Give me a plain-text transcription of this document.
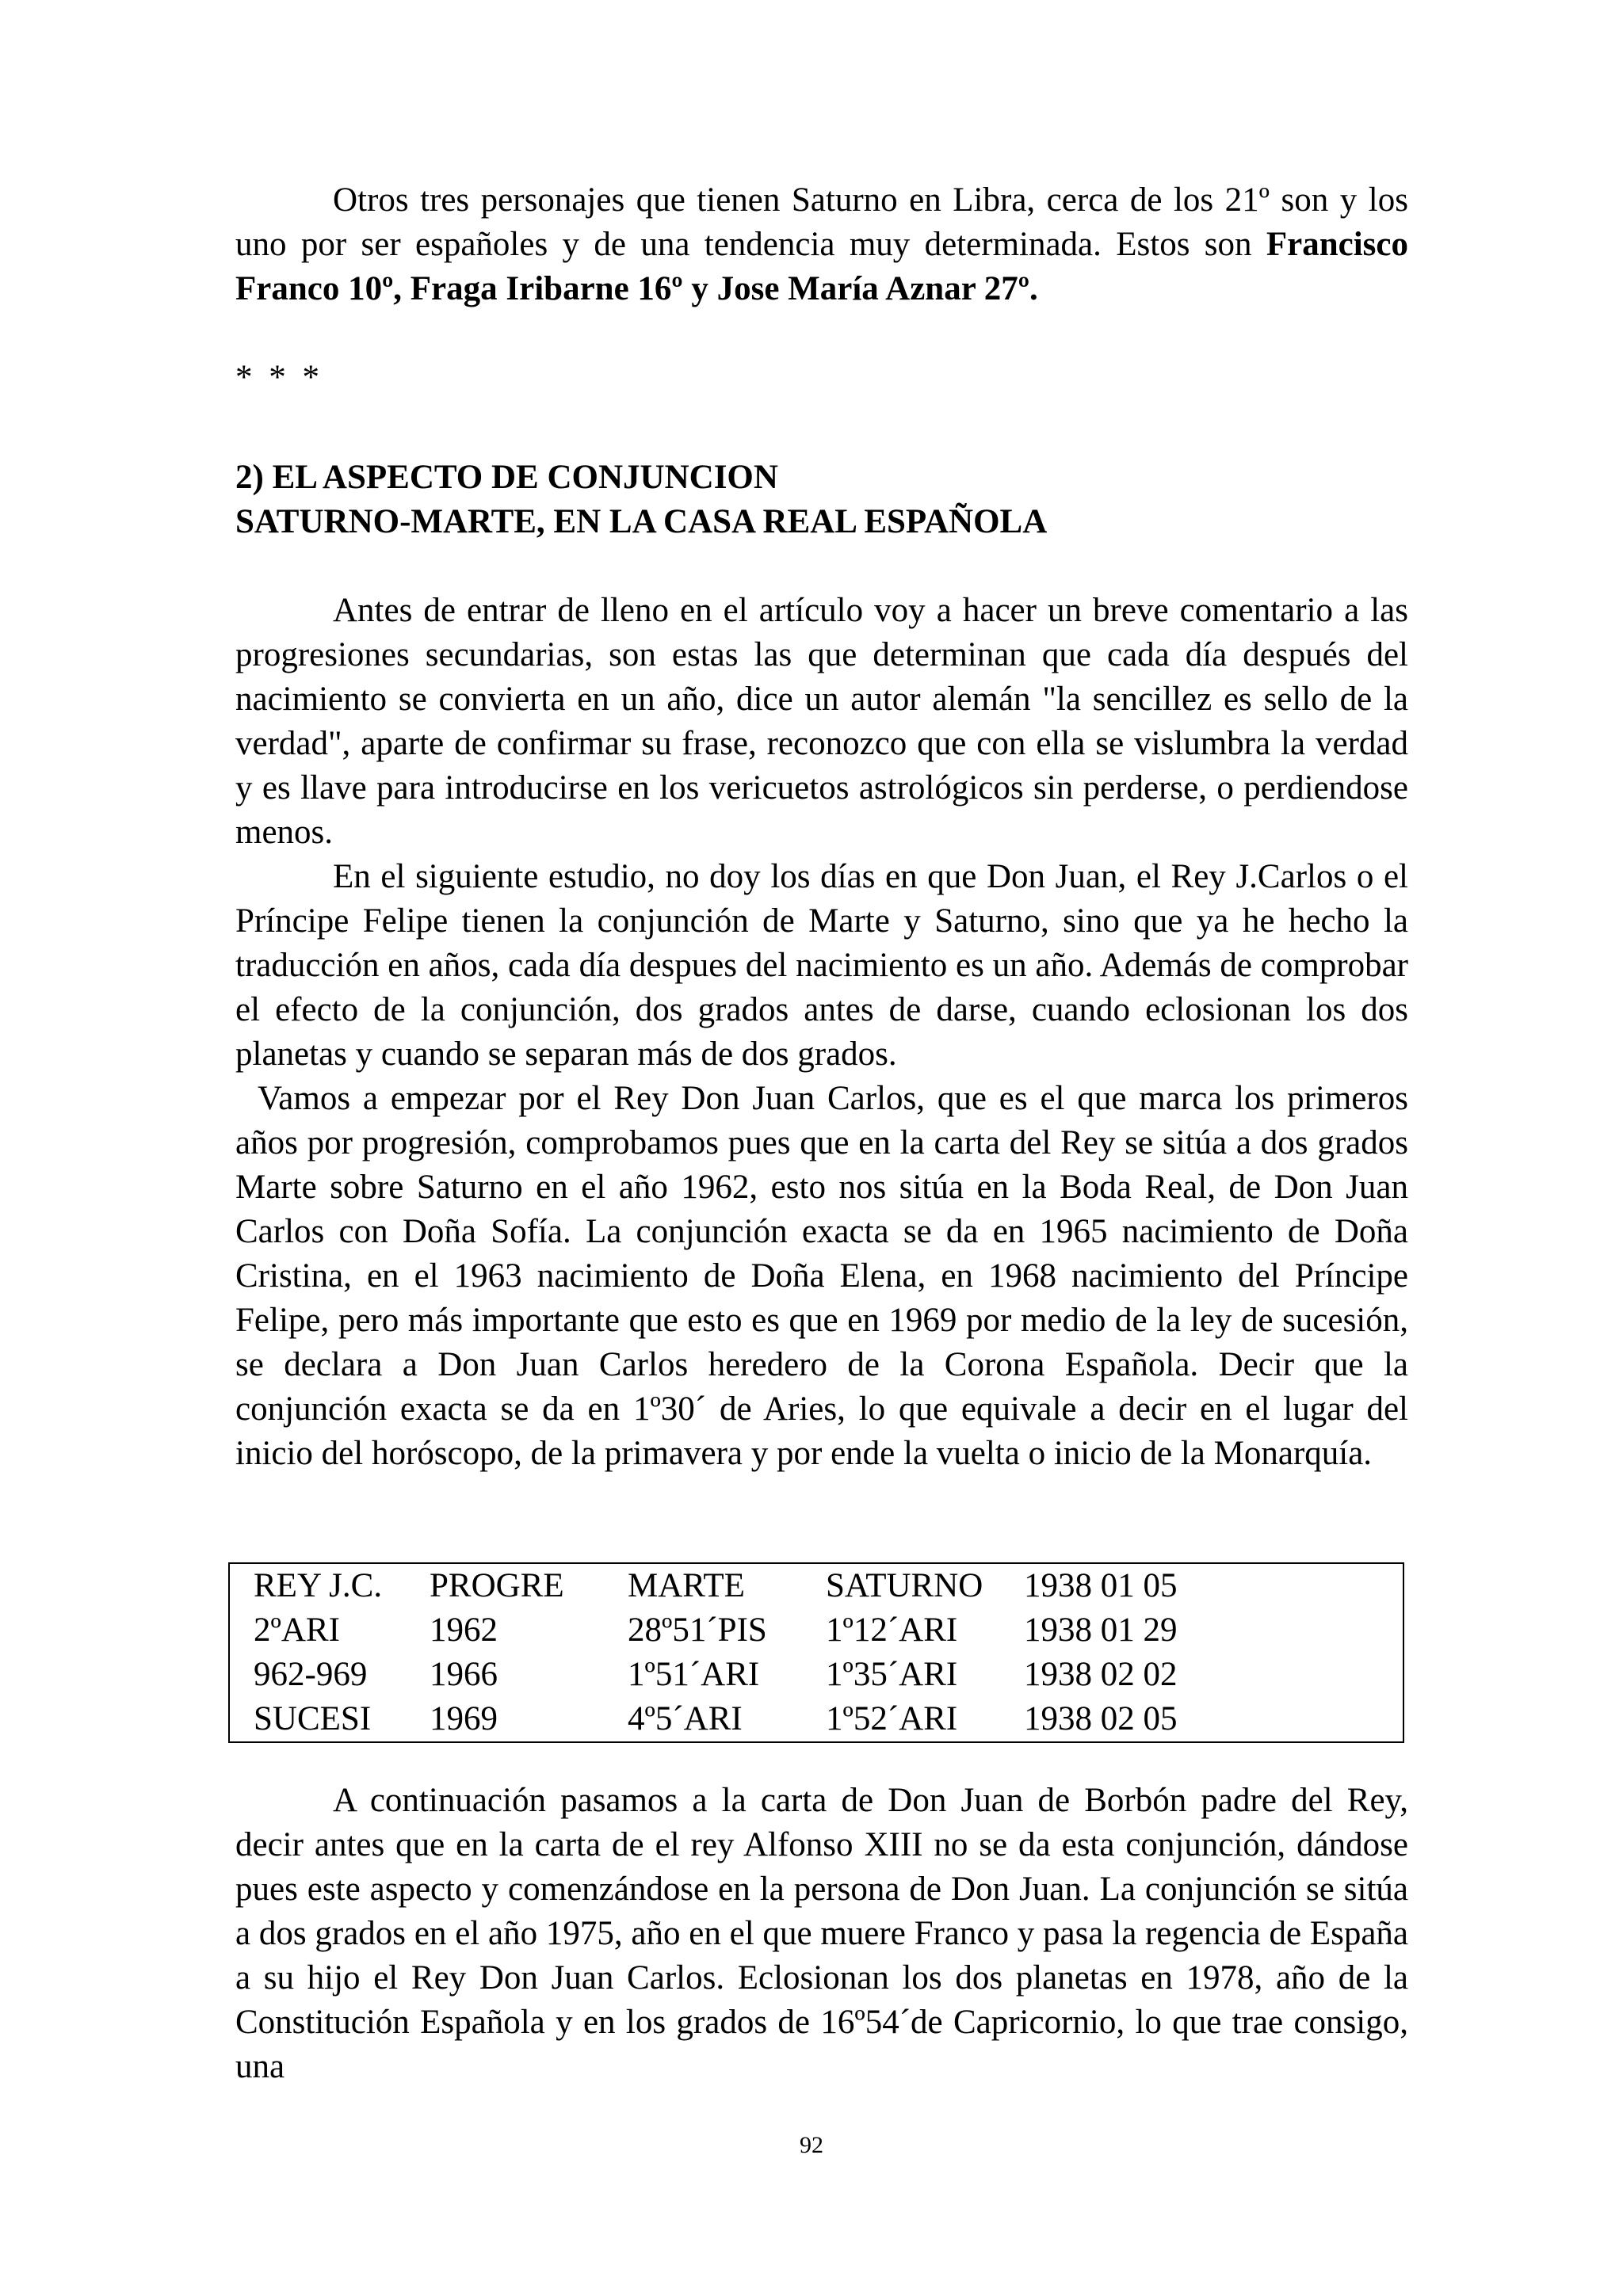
Otros tres personajes que tienen Saturno en Libra, cerca de los 21º son y los uno por ser españoles y de una tendencia muy determinada. Estos son Francisco Franco 10º, Fraga Iribarne 16º y Jose María Aznar 27º.

* * *

2) EL ASPECTO DE CONJUNCION
SATURNO-MARTE, EN LA CASA REAL ESPAÑOLA

Antes de entrar de lleno en el artículo voy a hacer un breve comentario a las progresiones secundarias, son estas las que determinan que cada día después del nacimiento se convierta en un año, dice un autor alemán "la sencillez es sello de la verdad", aparte de confirmar su frase, reconozco que con ella se vislumbra la verdad y es llave para introducirse en los vericuetos astrológicos sin perderse, o perdiendose menos.

En el siguiente estudio, no doy los días en que Don Juan, el Rey J.Carlos o el Príncipe Felipe tienen la conjunción de Marte y Saturno, sino que ya he hecho la traducción en años, cada día despues del nacimiento es un año. Además de comprobar el efecto de la conjunción, dos grados antes de darse, cuando eclosionan los dos planetas y cuando se separan más de dos grados.

Vamos a empezar por el Rey Don Juan Carlos, que es el que marca los primeros años por progresión, comprobamos pues que en la carta del Rey se sitúa a dos grados Marte sobre Saturno en el año 1962, esto nos sitúa en la Boda Real, de Don Juan Carlos con Doña Sofía. La conjunción exacta se da en 1965 nacimiento de Doña Cristina, en el 1963 nacimiento de Doña Elena, en 1968 nacimiento del Príncipe Felipe, pero más importante que esto es que en 1969 por medio de la ley de sucesión, se declara a Don Juan Carlos heredero de la Corona Española. Decir que la conjunción exacta se da en 1º30´ de Aries, lo que equivale a decir en el lugar del inicio del horóscopo, de la primavera y por ende la vuelta o inicio de la Monarquía.

REY J.C.	PROGRE	MARTE	SATURNO	1938 01 05
2ºARI	1962	28º51´PIS	1º12´ARI	1938 01 29
962-969	1966	1º51´ARI	1º35´ARI	1938 02 02
SUCESI	1969	4º5´ARI	1º52´ARI	1938 02 05

A continuación pasamos a la carta de Don Juan de Borbón padre del Rey, decir antes que en la carta de el rey Alfonso XIII no se da esta conjunción, dándose pues este aspecto y comenzándose en la persona de Don Juan. La conjunción se sitúa a dos grados en el año 1975, año en el que muere Franco y pasa la regencia de España a su hijo el Rey Don Juan Carlos. Eclosionan los dos planetas en 1978, año de la Constitución Española y en los grados de 16º54´de Capricornio, lo que trae consigo, una

92
